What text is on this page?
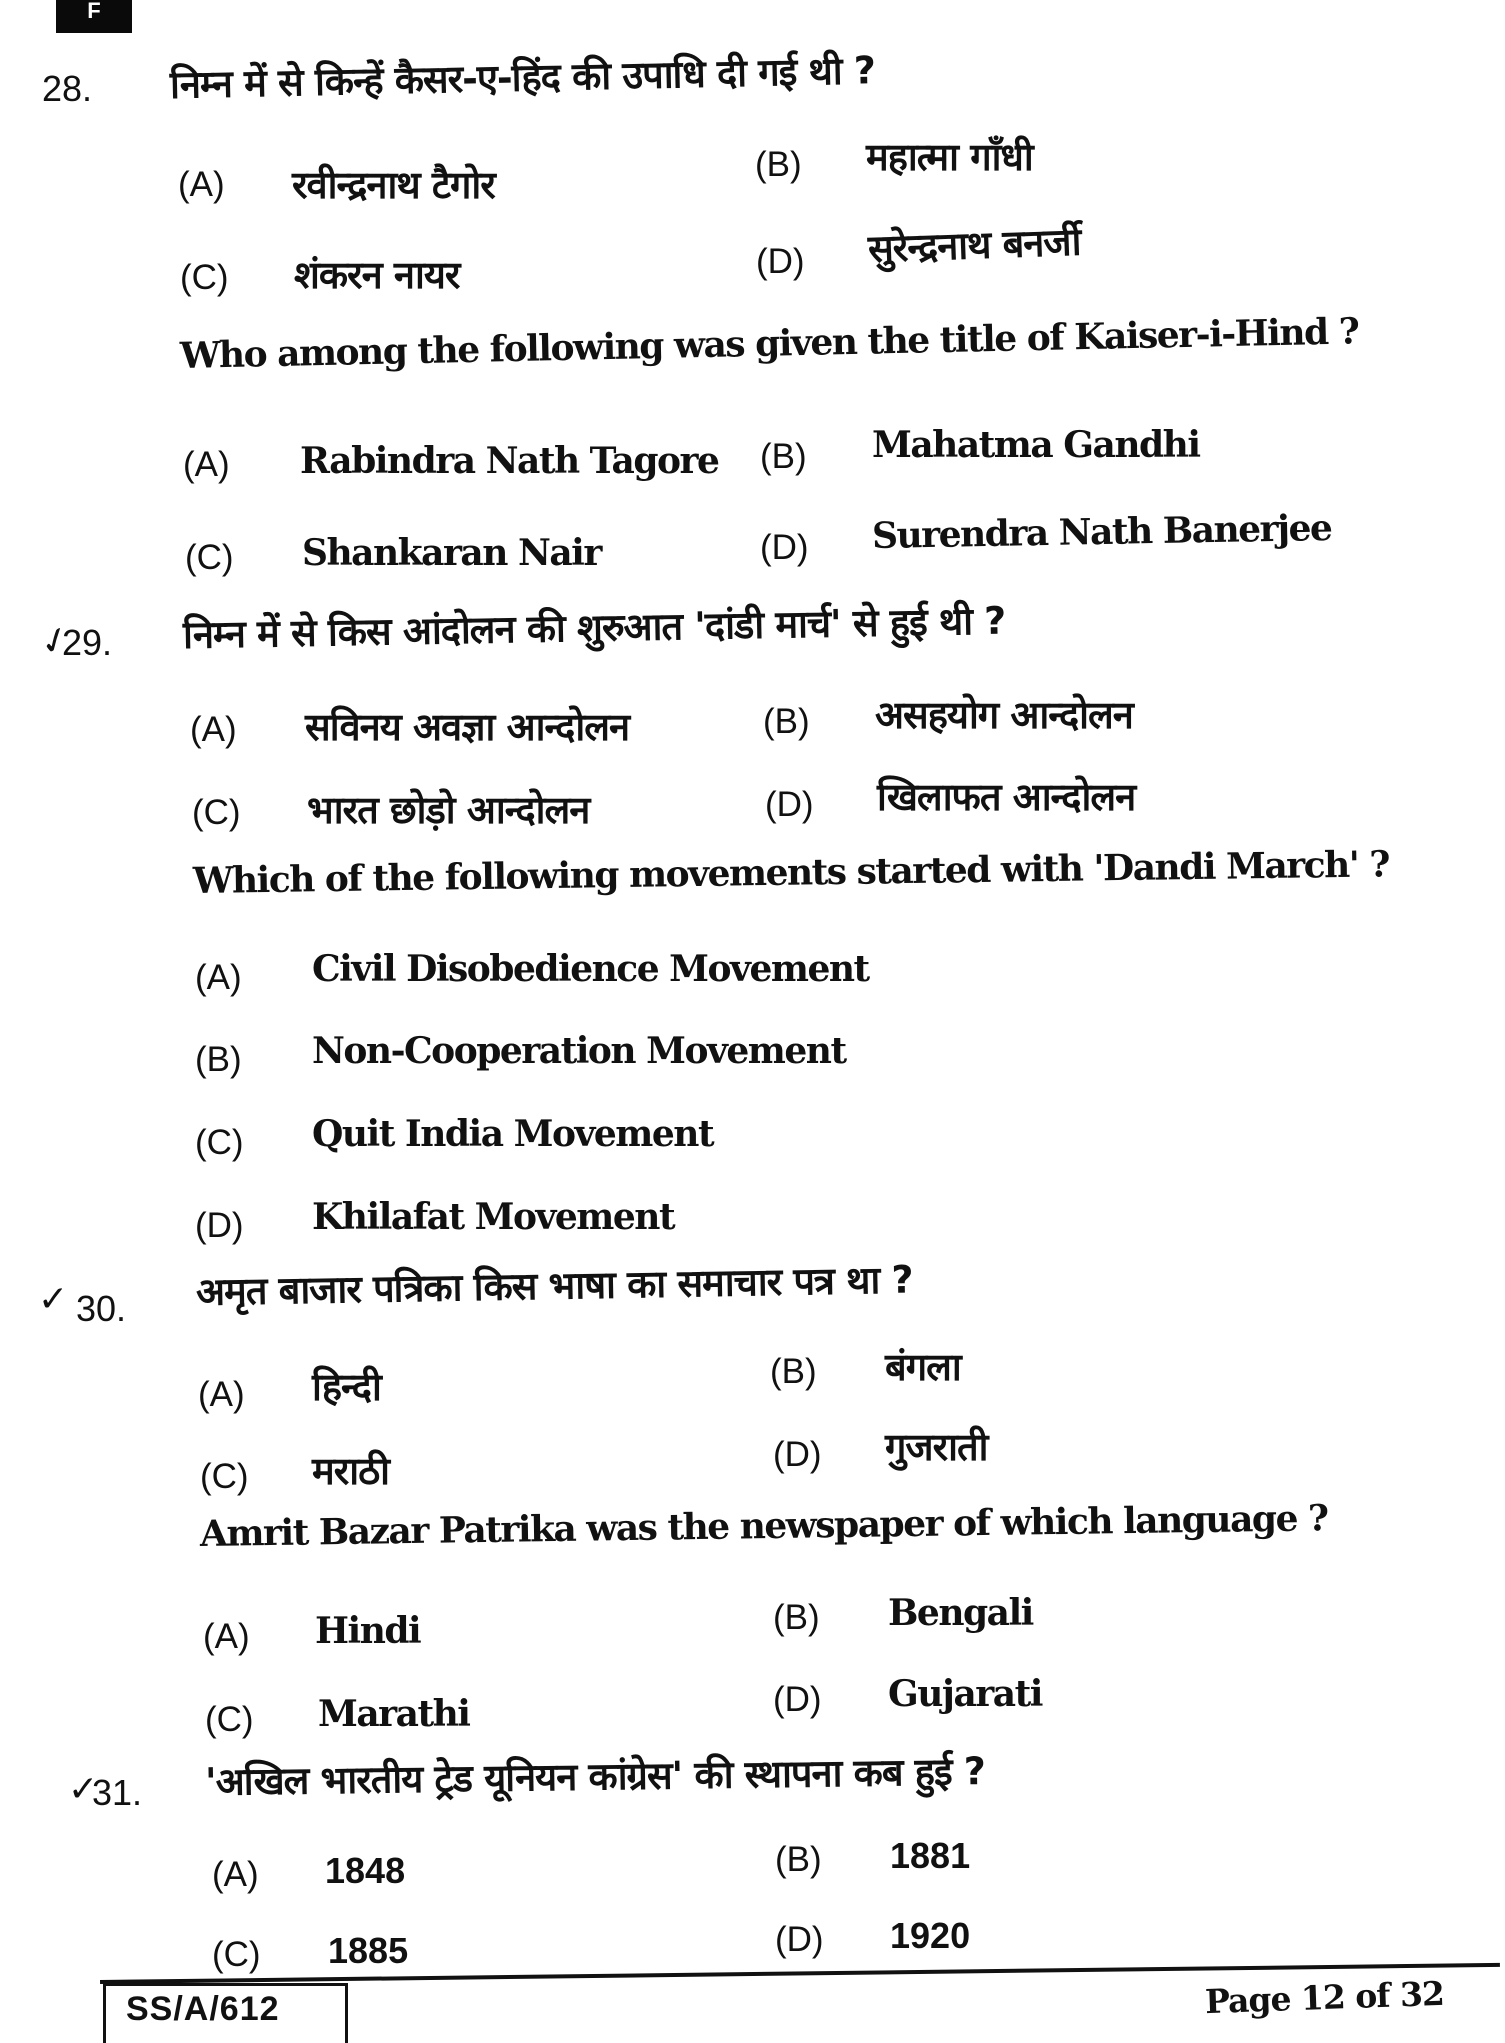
F
28. निम्न में से किन्हें कैसर-ए-हिंद की उपाधि दी गई थी ?
(A) रवीन्द्रनाथ टैगोर	(B) महात्मा गाँधी
(C) शंकरन नायर	(D) सुरेन्द्रनाथ बनर्जी
Who among the following was given the title of Kaiser-i-Hind ?
(A) Rabindra Nath Tagore (B) Mahatma Gandhi
(C) Shankaran Nair	(D) Surendra Nath Banerjee
✓
29. निम्न में से किस आंदोलन की शुरुआत 'दांडी मार्च' से हुई थी ?
(A) सविनय अवज्ञा आन्दोलन	(B) असहयोग आन्दोलन
(C) भारत छोड़ो आन्दोलन	(D) खिलाफत आन्दोलन
Which of the following movements started with 'Dandi March' ?
(A) Civil Disobedience Movement
(B) Non-Cooperation Movement
(C) Quit India Movement
(D) Khilafat Movement
✓ 30. अमृत बाजार पत्रिका किस भाषा का समाचार पत्र था ?
(A) हिन्दी	(B) बंगला
(C) मराठी	(D) गुजराती
Amrit Bazar Patrika was the newspaper of which language ?
(A) Hindi	(B) Bengali
(C) Marathi	(D) Gujarati
✓
31. 'अखिल भारतीय ट्रेड यूनियन कांग्रेस' की स्थापना कब हुई ?
(A) 1848	(B) 1881
(C) 1885	(D) 1920
SS/A/612	Page 12 of 32
